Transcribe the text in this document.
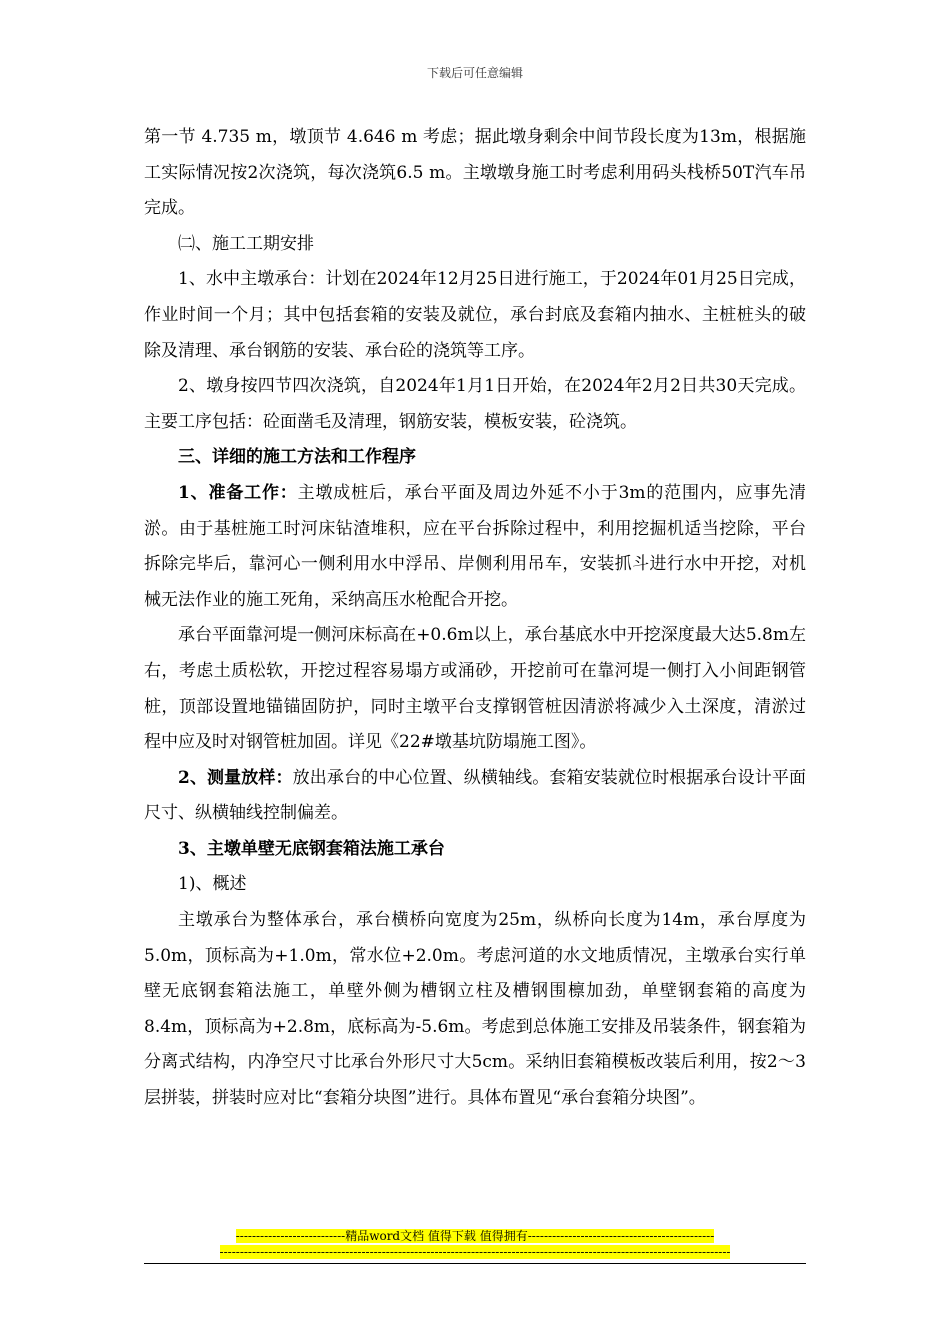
下载后可任意编辑

第一节 4.735 m，墩顶节 4.646 m 考虑；据此墩身剩余中间节段长度为13m，根据施工实际情况按2次浇筑，每次浇筑6.5 m。主墩墩身施工时考虑利用码头栈桥50T汽车吊完成。

㈡、施工工期安排

1、水中主墩承台：计划在2024年12月25日进行施工，于2024年01月25日完成，作业时间一个月；其中包括套箱的安装及就位，承台封底及套箱内抽水、主桩桩头的破除及清理、承台钢筋的安装、承台砼的浇筑等工序。

2、墩身按四节四次浇筑，自2024年1月1日开始，在2024年2月2日共30天完成。主要工序包括：砼面凿毛及清理，钢筋安装，模板安装，砼浇筑。

三、详细的施工方法和工作程序

1、准备工作：主墩成桩后，承台平面及周边外延不小于3m的范围内，应事先清淤。由于基桩施工时河床钻渣堆积，应在平台拆除过程中，利用挖掘机适当挖除，平台拆除完毕后，靠河心一侧利用水中浮吊、岸侧利用吊车，安装抓斗进行水中开挖，对机械无法作业的施工死角，采纳高压水枪配合开挖。

承台平面靠河堤一侧河床标高在+0.6m以上，承台基底水中开挖深度最大达5.8m左右，考虑土质松软，开挖过程容易塌方或涌砂，开挖前可在靠河堤一侧打入小间距钢管桩，顶部设置地锚锚固防护，同时主墩平台支撑钢管桩因清淤将减少入土深度，清淤过程中应及时对钢管桩加固。详见《22#墩基坑防塌施工图》。

2、测量放样：放出承台的中心位置、纵横轴线。套箱安装就位时根据承台设计平面尺寸、纵横轴线控制偏差。

3、主墩单壁无底钢套箱法施工承台

1)、概述

主墩承台为整体承台，承台横桥向宽度为25m，纵桥向长度为14m，承台厚度为5.0m，顶标高为+1.0m，常水位+2.0m。考虑河道的水文地质情况，主墩承台实行单壁无底钢套箱法施工，单壁外侧为槽钢立柱及槽钢围檩加劲，单壁钢套箱的高度为8.4m，顶标高为+2.8m，底标高为-5.6m。考虑到总体施工安排及吊装条件，钢套箱为分离式结构，内净空尺寸比承台外形尺寸大5cm。采纳旧套箱模板改装后利用，按2～3层拼装，拼装时应对比“套箱分块图”进行。具体布置见“承台套箱分块图”。

---------------------------精品word文档 值得下载 值得拥有----------------------------------------------
------------------------------------------------------------------------------------------------------------------------------
